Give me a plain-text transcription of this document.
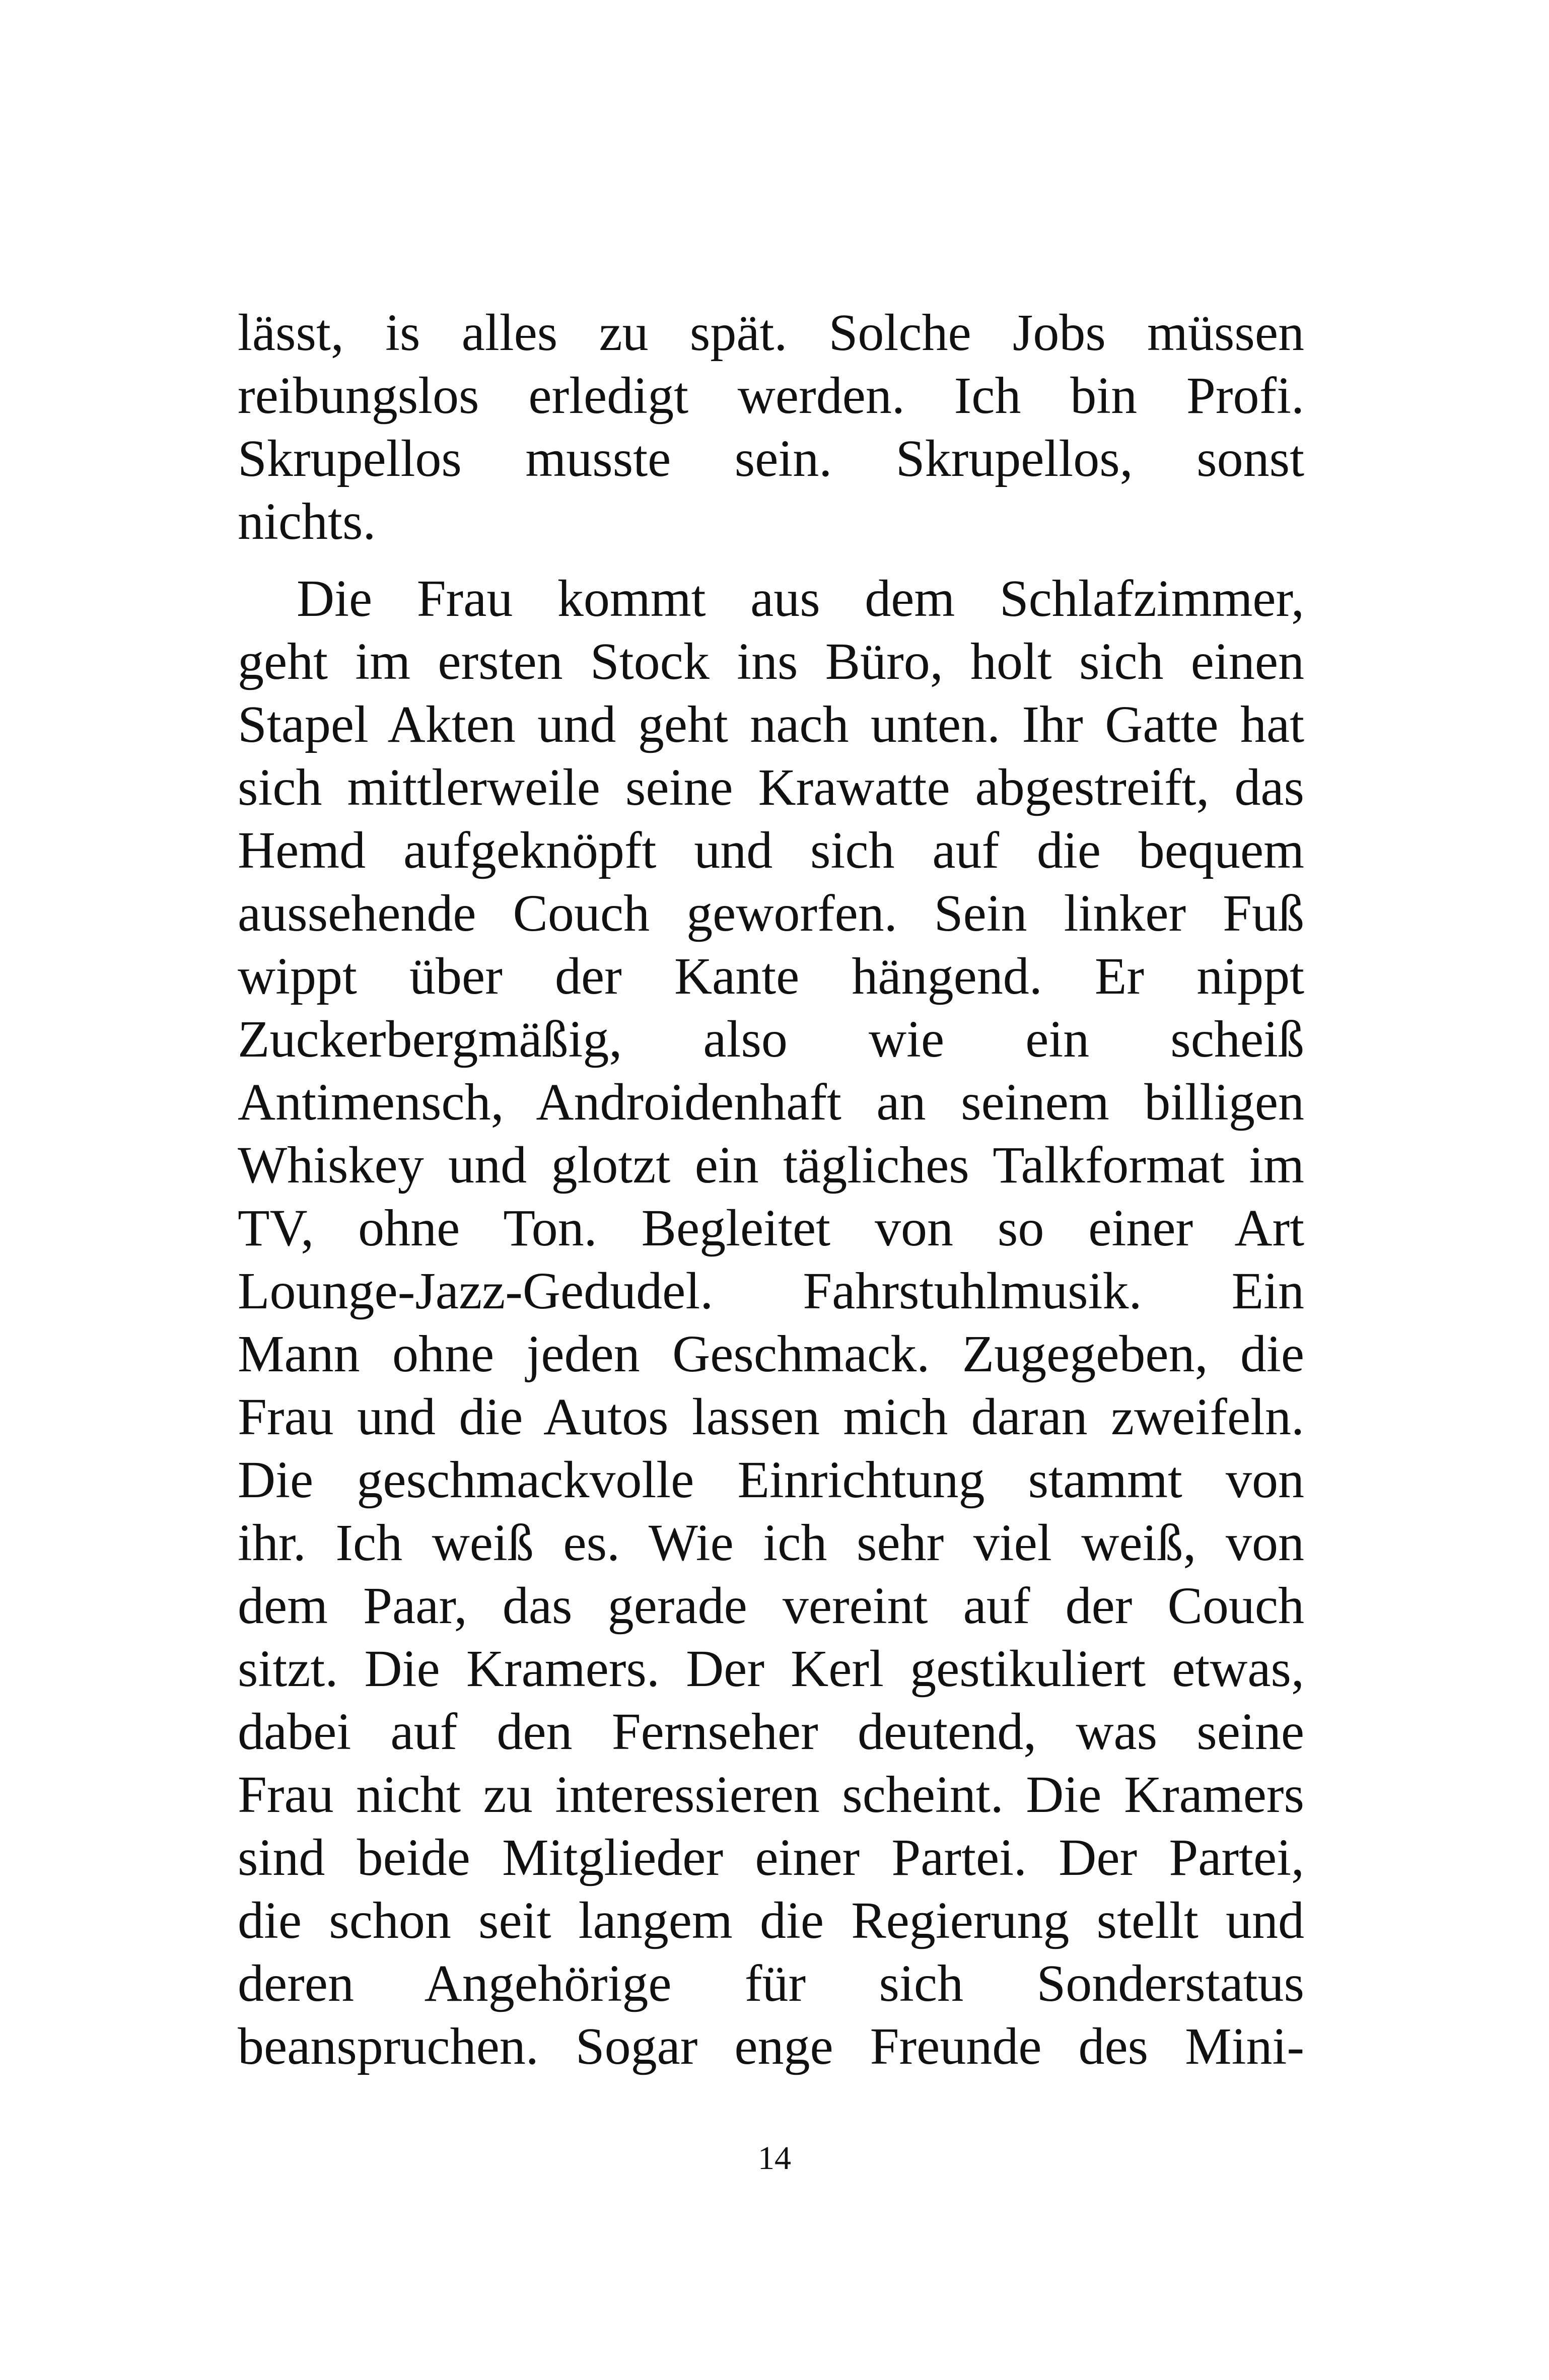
lässt, is alles zu spät. Solche Jobs müssen
reibungslos erledigt werden. Ich bin Profi.
Skrupellos musste sein. Skrupellos, sonst
nichts.
Die Frau kommt aus dem Schlafzimmer,
geht im ersten Stock ins Büro, holt sich einen
Stapel Akten und geht nach unten. Ihr Gatte hat
sich mittlerweile seine Krawatte abgestreift, das
Hemd aufgeknöpft und sich auf die bequem
aussehende Couch geworfen. Sein linker Fuß
wippt über der Kante hängend. Er nippt
Zuckerbergmäßig, also wie ein scheiß
Antimensch, Androidenhaft an seinem billigen
Whiskey und glotzt ein tägliches Talkformat im
TV, ohne Ton. Begleitet von so einer Art
Lounge-Jazz-Gedudel. Fahrstuhlmusik. Ein
Mann ohne jeden Geschmack. Zugegeben, die
Frau und die Autos lassen mich daran zweifeln.
Die geschmackvolle Einrichtung stammt von
ihr. Ich weiß es. Wie ich sehr viel weiß, von
dem Paar, das gerade vereint auf der Couch
sitzt. Die Kramers. Der Kerl gestikuliert etwas,
dabei auf den Fernseher deutend, was seine
Frau nicht zu interessieren scheint. Die Kramers
sind beide Mitglieder einer Partei. Der Partei,
die schon seit langem die Regierung stellt und
deren Angehörige für sich Sonderstatus
beanspruchen. Sogar enge Freunde des Mini-
14
